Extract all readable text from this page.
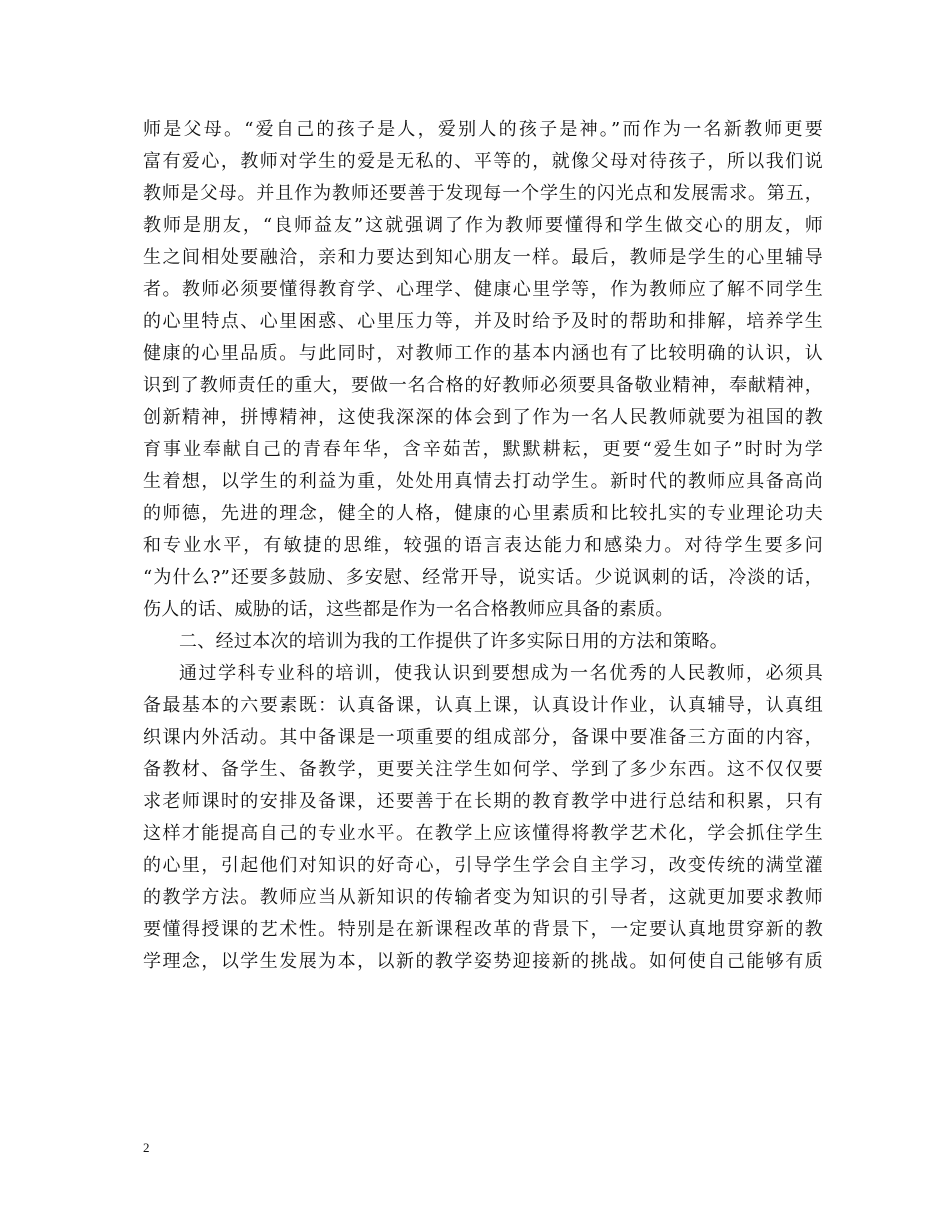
师是父母。“爱自己的孩子是人，爱别人的孩子是神。”而作为一名新教师更要
富有爱心，教师对学生的爱是无私的、平等的，就像父母对待孩子，所以我们说
教师是父母。并且作为教师还要善于发现每一个学生的闪光点和发展需求。第五，
教师是朋友，“良师益友”这就强调了作为教师要懂得和学生做交心的朋友，师
生之间相处要融洽，亲和力要达到知心朋友一样。最后，教师是学生的心里辅导
者。教师必须要懂得教育学、心理学、健康心里学等，作为教师应了解不同学生
的心里特点、心里困惑、心里压力等，并及时给予及时的帮助和排解，培养学生
健康的心里品质。与此同时，对教师工作的基本内涵也有了比较明确的认识，认
识到了教师责任的重大，要做一名合格的好教师必须要具备敬业精神，奉献精神，
创新精神，拼博精神，这使我深深的体会到了作为一名人民教师就要为祖国的教
育事业奉献自己的青春年华，含辛茹苦，默默耕耘，更要“爱生如子”时时为学
生着想，以学生的利益为重，处处用真情去打动学生。新时代的教师应具备高尚
的师德，先进的理念，健全的人格，健康的心里素质和比较扎实的专业理论功夫
和专业水平，有敏捷的思维，较强的语言表达能力和感染力。对待学生要多问
“为什么?”还要多鼓励、多安慰、经常开导，说实话。少说讽刺的话，冷淡的话，
伤人的话、威胁的话，这些都是作为一名合格教师应具备的素质。
二、经过本次的培训为我的工作提供了许多实际日用的方法和策略。
通过学科专业科的培训，使我认识到要想成为一名优秀的人民教师，必须具
备最基本的六要素既：认真备课，认真上课，认真设计作业，认真辅导，认真组
织课内外活动。其中备课是一项重要的组成部分，备课中要准备三方面的内容，
备教材、备学生、备教学，更要关注学生如何学、学到了多少东西。这不仅仅要
求老师课时的安排及备课，还要善于在长期的教育教学中进行总结和积累，只有
这样才能提高自己的专业水平。在教学上应该懂得将教学艺术化，学会抓住学生
的心里，引起他们对知识的好奇心，引导学生学会自主学习，改变传统的满堂灌
的教学方法。教师应当从新知识的传输者变为知识的引导者，这就更加要求教师
要懂得授课的艺术性。特别是在新课程改革的背景下，一定要认真地贯穿新的教
学理念，以学生发展为本，以新的教学姿势迎接新的挑战。如何使自己能够有质
2
